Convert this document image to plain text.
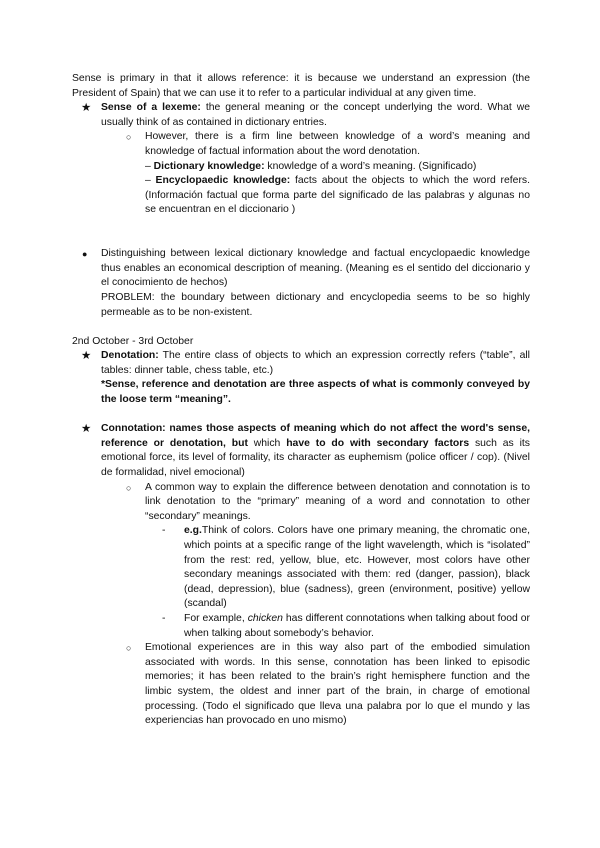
Sense is primary in that it allows reference: it is because we understand an expression (the President of Spain) that we can use it to refer to a particular individual at any given time.

★ Sense of a lexeme: the general meaning or the concept underlying the word. What we usually think of as contained in dictionary entries.
○ However, there is a firm line between knowledge of a word’s meaning and knowledge of factual information about the word denotation.
– Dictionary knowledge: knowledge of a word’s meaning. (Significado)
– Encyclopaedic knowledge: facts about the objects to which the word refers. (Información factual que forma parte del significado de las palabras y algunas no se encuentran en el diccionario )
● Distinguishing between lexical dictionary knowledge and factual encyclopaedic knowledge thus enables an economical description of meaning. (Meaning es el sentido del diccionario y el conocimiento de hechos)
PROBLEM: the boundary between dictionary and encyclopedia seems to be so highly permeable as to be non-existent.

2nd October - 3rd October

★ Denotation: The entire class of objects to which an expression correctly refers (“table”, all tables: dinner table, chess table, etc.)
*Sense, reference and denotation are three aspects of what is commonly conveyed by the loose term “meaning”.
★ Connotation: names those aspects of meaning which do not affect the word's sense, reference or denotation, but which have to do with secondary factors such as its emotional force, its level of formality, its character as euphemism (police officer / cop). (Nivel de formalidad, nivel emocional)
○ A common way to explain the difference between denotation and connotation is to link denotation to the “primary” meaning of a word and connotation to other “secondary” meanings.
- e.g.Think of colors. Colors have one primary meaning, the chromatic one, which points at a specific range of the light wavelength, which is “isolated” from the rest: red, yellow, blue, etc. However, most colors have other secondary meanings associated with them: red (danger, passion), black (dead, depression), blue (sadness), green (environment, positive) yellow (scandal)
- For example, chicken has different connotations when talking about food or when talking about somebody’s behavior.
○ Emotional experiences are in this way also part of the embodied simulation associated with words. In this sense, connotation has been linked to episodic memories; it has been related to the brain’s right hemisphere function and the limbic system, the oldest and inner part of the brain, in charge of emotional processing. (Todo el significado que lleva una palabra por lo que el mundo y las experiencias han provocado en uno mismo)
